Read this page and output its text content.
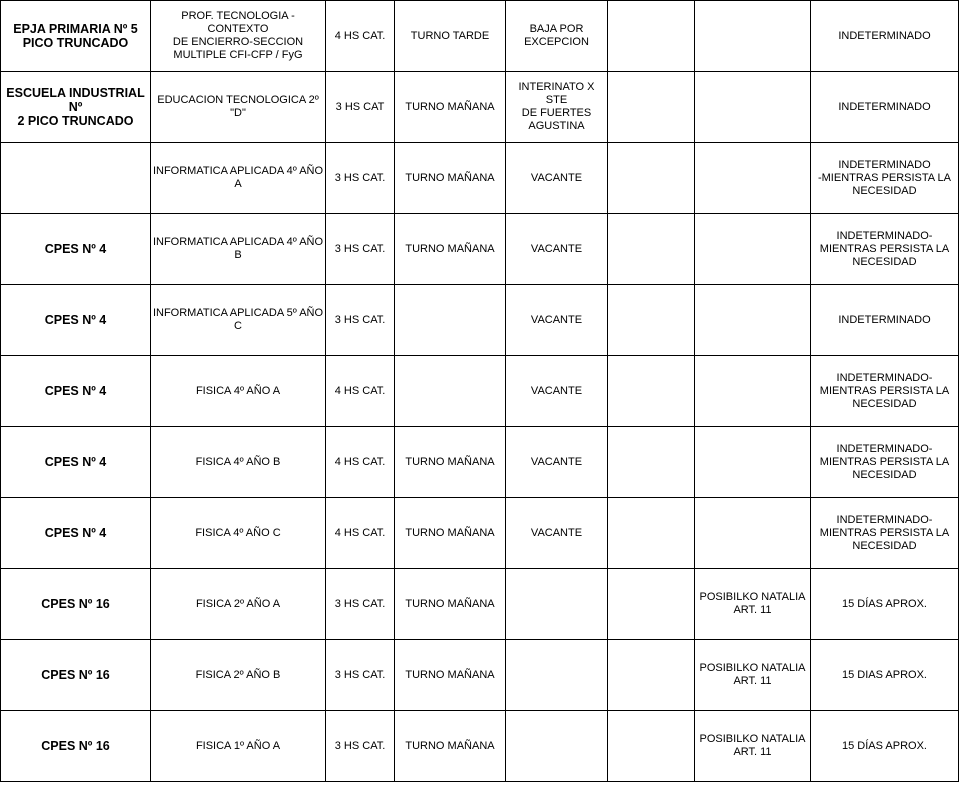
EPJA PRIMARIA Nº 5
PICO TRUNCADO	PROF. TECNOLOGIA -CONTEXTO
DE ENCIERRO-SECCION
MULTIPLE CFI-CFP / FyG	4 HS CAT.	TURNO TARDE	BAJA POR
EXCEPCION			INDETERMINADO
ESCUELA INDUSTRIAL Nº
2 PICO TRUNCADO	EDUCACION TECNOLOGICA 2º "D"	3 HS CAT	TURNO MAÑANA	INTERINATO X STE
DE FUERTES
AGUSTINA			INDETERMINADO
	INFORMATICA APLICADA 4º AÑO A	3 HS CAT.	TURNO MAÑANA	VACANTE			INDETERMINADO
-MIENTRAS PERSISTA LA
NECESIDAD
CPES Nº 4	INFORMATICA APLICADA 4º AÑO B	3 HS CAT.	TURNO MAÑANA	VACANTE			INDETERMINADO-
MIENTRAS PERSISTA LA
NECESIDAD
CPES Nº 4	INFORMATICA APLICADA 5º AÑO C	3 HS CAT.		VACANTE			INDETERMINADO
CPES Nº 4	FISICA 4º AÑO A	4 HS CAT.		VACANTE			INDETERMINADO-
MIENTRAS PERSISTA LA
NECESIDAD
CPES Nº 4	FISICA 4º AÑO B	4 HS CAT.	TURNO MAÑANA	VACANTE			INDETERMINADO-
MIENTRAS PERSISTA LA
NECESIDAD
CPES Nº 4	FISICA 4º AÑO C	4 HS CAT.	TURNO MAÑANA	VACANTE			INDETERMINADO-
MIENTRAS PERSISTA LA
NECESIDAD
CPES Nº 16	FISICA 2º AÑO A	3 HS CAT.	TURNO MAÑANA			POSIBILKO NATALIA
ART. 11	15 DÍAS APROX.
CPES Nº 16	FISICA 2º AÑO B	3 HS CAT.	TURNO MAÑANA			POSIBILKO NATALIA
ART. 11	15 DIAS APROX.
CPES Nº 16	FISICA 1º AÑO A	3 HS CAT.	TURNO MAÑANA			POSIBILKO NATALIA
ART. 11	15 DÍAS APROX.
